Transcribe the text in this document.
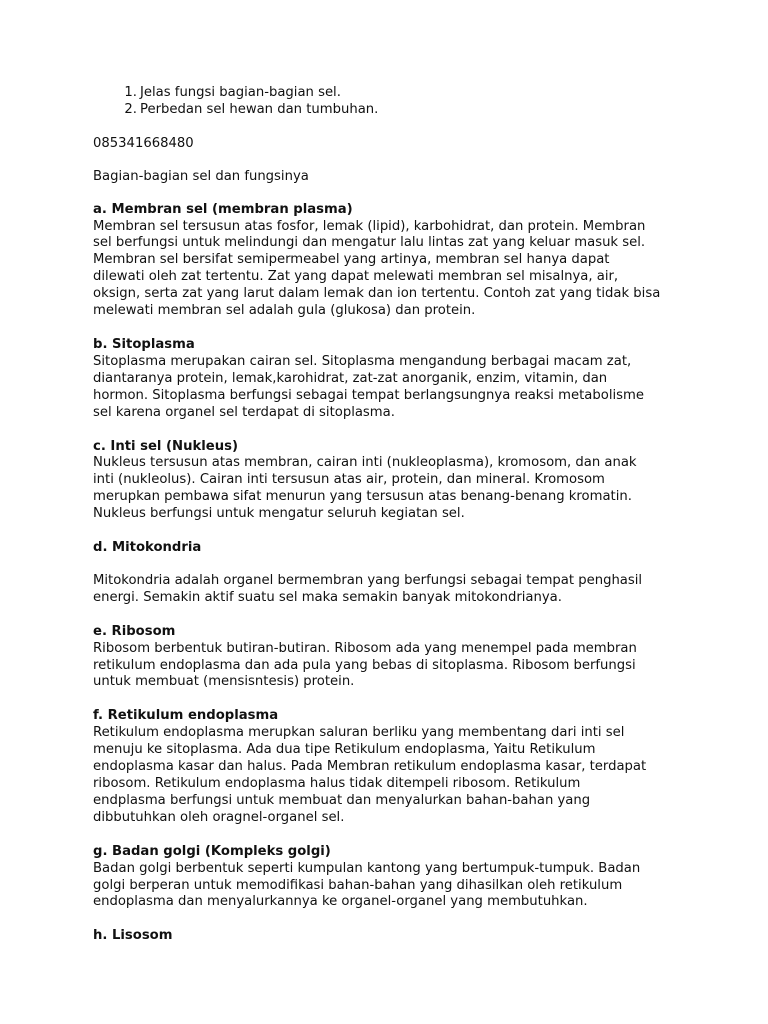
1. Jelas fungsi bagian-bagian sel.
2. Perbedan sel hewan dan tumbuhan.

085341668480

Bagian-bagian sel dan fungsinya

a. Membran sel (membran plasma)

Membran sel tersusun atas fosfor, lemak (lipid), karbohidrat, dan protein. Membran
sel berfungsi untuk melindungi dan mengatur lalu lintas zat yang keluar masuk sel.
Membran sel bersifat semipermeabel yang artinya, membran sel hanya dapat
dilewati oleh zat tertentu. Zat yang dapat melewati membran sel misalnya, air,
oksign, serta zat yang larut dalam lemak dan ion tertentu. Contoh zat yang tidak bisa
melewati membran sel adalah gula (glukosa) dan protein.

b. Sitoplasma

Sitoplasma merupakan cairan sel. Sitoplasma mengandung berbagai macam zat,
diantaranya protein, lemak,karohidrat, zat-zat anorganik, enzim, vitamin, dan
hormon. Sitoplasma berfungsi sebagai tempat berlangsungnya reaksi metabolisme
sel karena organel sel terdapat di sitoplasma.

c. Inti sel (Nukleus)

Nukleus tersusun atas membran, cairan inti (nukleoplasma), kromosom, dan anak
inti (nukleolus). Cairan inti tersusun atas air, protein, dan mineral. Kromosom
merupkan pembawa sifat menurun yang tersusun atas benang-benang kromatin.
Nukleus berfungsi untuk mengatur seluruh kegiatan sel.

d. Mitokondria

Mitokondria adalah organel bermembran yang berfungsi sebagai tempat penghasil
energi. Semakin aktif suatu sel maka semakin banyak mitokondrianya.

e. Ribosom

Ribosom berbentuk butiran-butiran. Ribosom ada yang menempel pada membran
retikulum endoplasma dan ada pula yang bebas di sitoplasma. Ribosom berfungsi
untuk membuat (mensisntesis) protein.

f. Retikulum endoplasma

Retikulum endoplasma merupkan saluran berliku yang membentang dari inti sel
menuju ke sitoplasma. Ada dua tipe Retikulum endoplasma, Yaitu Retikulum
endoplasma kasar dan halus. Pada Membran retikulum endoplasma kasar, terdapat
ribosom. Retikulum endoplasma halus tidak ditempeli ribosom. Retikulum
endplasma berfungsi untuk membuat dan menyalurkan bahan-bahan yang
dibbutuhkan oleh oragnel-organel sel.

g. Badan golgi (Kompleks golgi)

Badan golgi berbentuk seperti kumpulan kantong yang bertumpuk-tumpuk. Badan
golgi berperan untuk memodifikasi bahan-bahan yang dihasilkan oleh retikulum
endoplasma dan menyalurkannya ke organel-organel yang membutuhkan.

h. Lisosom
